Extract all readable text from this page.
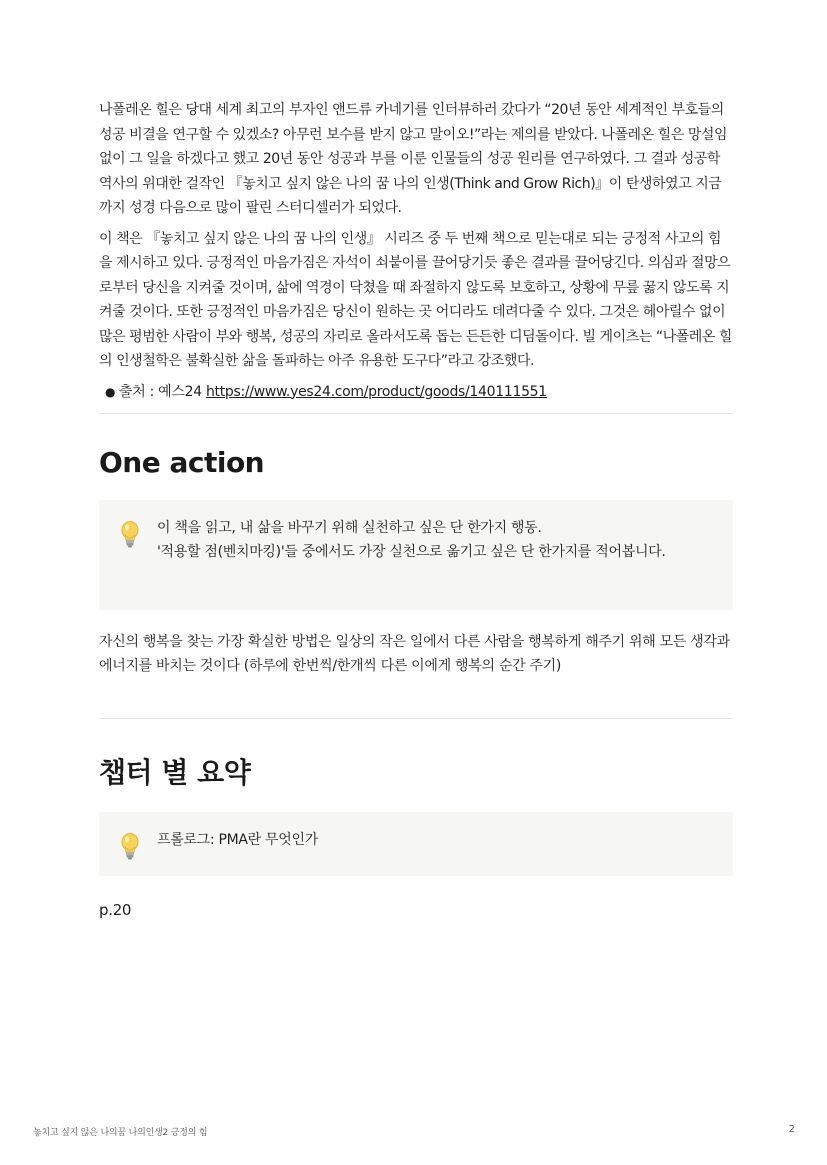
나폴레온 힐은 당대 세계 최고의 부자인 앤드류 카네기를 인터뷰하러 갔다가 “20년 동안 세계적인 부호들의 성공 비결을 연구할 수 있겠소? 아무런 보수를 받지 않고 말이오!”라는 제의를 받았다. 나폴레온 힐은 망설임없이 그 일을 하겠다고 했고 20년 동안 성공과 부를 이룬 인물들의 성공 원리를 연구하였다. 그 결과 성공학 역사의 위대한 걸작인 『놓치고 싶지 않은 나의 꿈 나의 인생(Think and Grow Rich)』이 탄생하였고 지금까지 성경 다음으로 많이 팔린 스터디셀러가 되었다.

이 책은 『놓치고 싶지 않은 나의 꿈 나의 인생』 시리즈 중 두 번째 책으로 믿는대로 되는 긍정적 사고의 힘을 제시하고 있다. 긍정적인 마음가짐은 자석이 쇠붙이를 끌어당기듯 좋은 결과를 끌어당긴다. 의심과 절망으로부터 당신을 지켜줄 것이며, 삶에 역경이 닥쳤을 때 좌절하지 않도록 보호하고, 상황에 무릎 꿇지 않도록 지켜줄 것이다. 또한 긍정적인 마음가짐은 당신이 원하는 곳 어디라도 데려다줄 수 있다. 그것은 헤아릴수 없이 많은 평범한 사람이 부와 행복, 성공의 자리로 올라서도록 돕는 든든한 디딤돌이다. 빌 게이츠는 “나폴레온 힐의 인생철학은 불확실한 삶을 돌파하는 아주 유용한 도구다”라고 강조했다.

● 출처 : 예스24 https://www.yes24.com/product/goods/140111551
One action
이 책을 읽고, 내 삶을 바꾸기 위해 실천하고 싶은 단 한가지 행동.
'적용할 점(벤치마킹)'들 중에서도 가장 실천으로 옮기고 싶은 단 한가지를 적어봅니다.

자신의 행복을 찾는 가장 확실한 방법은 일상의 작은 일에서 다른 사람을 행복하게 해주기 위해 모든 생각과 에너지를 바치는 것이다 (하루에 한번씩/한개씩 다른 이에게 행복의 순간 주기)

챕터 별 요약
프롤로그: PMA란 무엇인가

p.20

놓치고 싶지 않은 나의꿈 나의인생2 긍정의 힘	2
